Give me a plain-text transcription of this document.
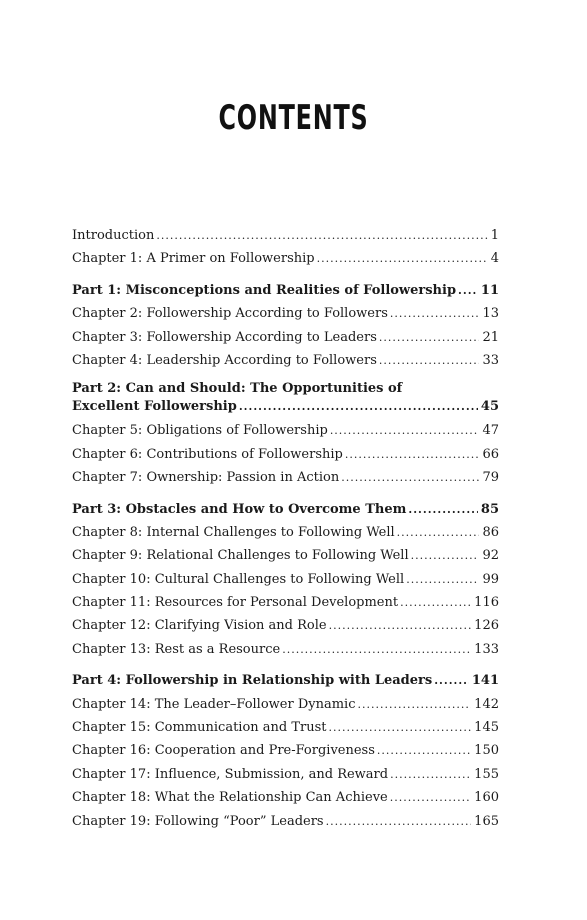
CONTENTS
Introduction .....	1
Chapter 1: A Primer on Followership .....	4
Part 1: Misconceptions and Realities of Followership ..... 11
Chapter 2: Followership According to Followers .....	13
Chapter 3: Followership According to Leaders .....	21
Chapter 4: Leadership According to Followers .....	33
Part 2: Can and Should: The Opportunities of
Excellent Followership .....	45
Chapter 5: Obligations of Followership .....	47
Chapter 6: Contributions of Followership .....	66
Chapter 7: Ownership: Passion in Action .....	79
Part 3: Obstacles and How to Overcome Them .....	85
Chapter 8: Internal Challenges to Following Well .....	86
Chapter 9: Relational Challenges to Following Well .....	92
Chapter 10: Cultural Challenges to Following Well .....	99
Chapter 11: Resources for Personal Development .....	116
Chapter 12: Clarifying Vision and Role .....	126
Chapter 13: Rest as a Resource .....	133
Part 4: Followership in Relationship with Leaders .....	141
Chapter 14: The Leader–Follower Dynamic .....	142
Chapter 15: Communication and Trust .....	145
Chapter 16: Cooperation and Pre-Forgiveness .....	150
Chapter 17: Influence, Submission, and Reward .....	155
Chapter 18: What the Relationship Can Achieve .....	160
Chapter 19: Following “Poor” Leaders .....	165
